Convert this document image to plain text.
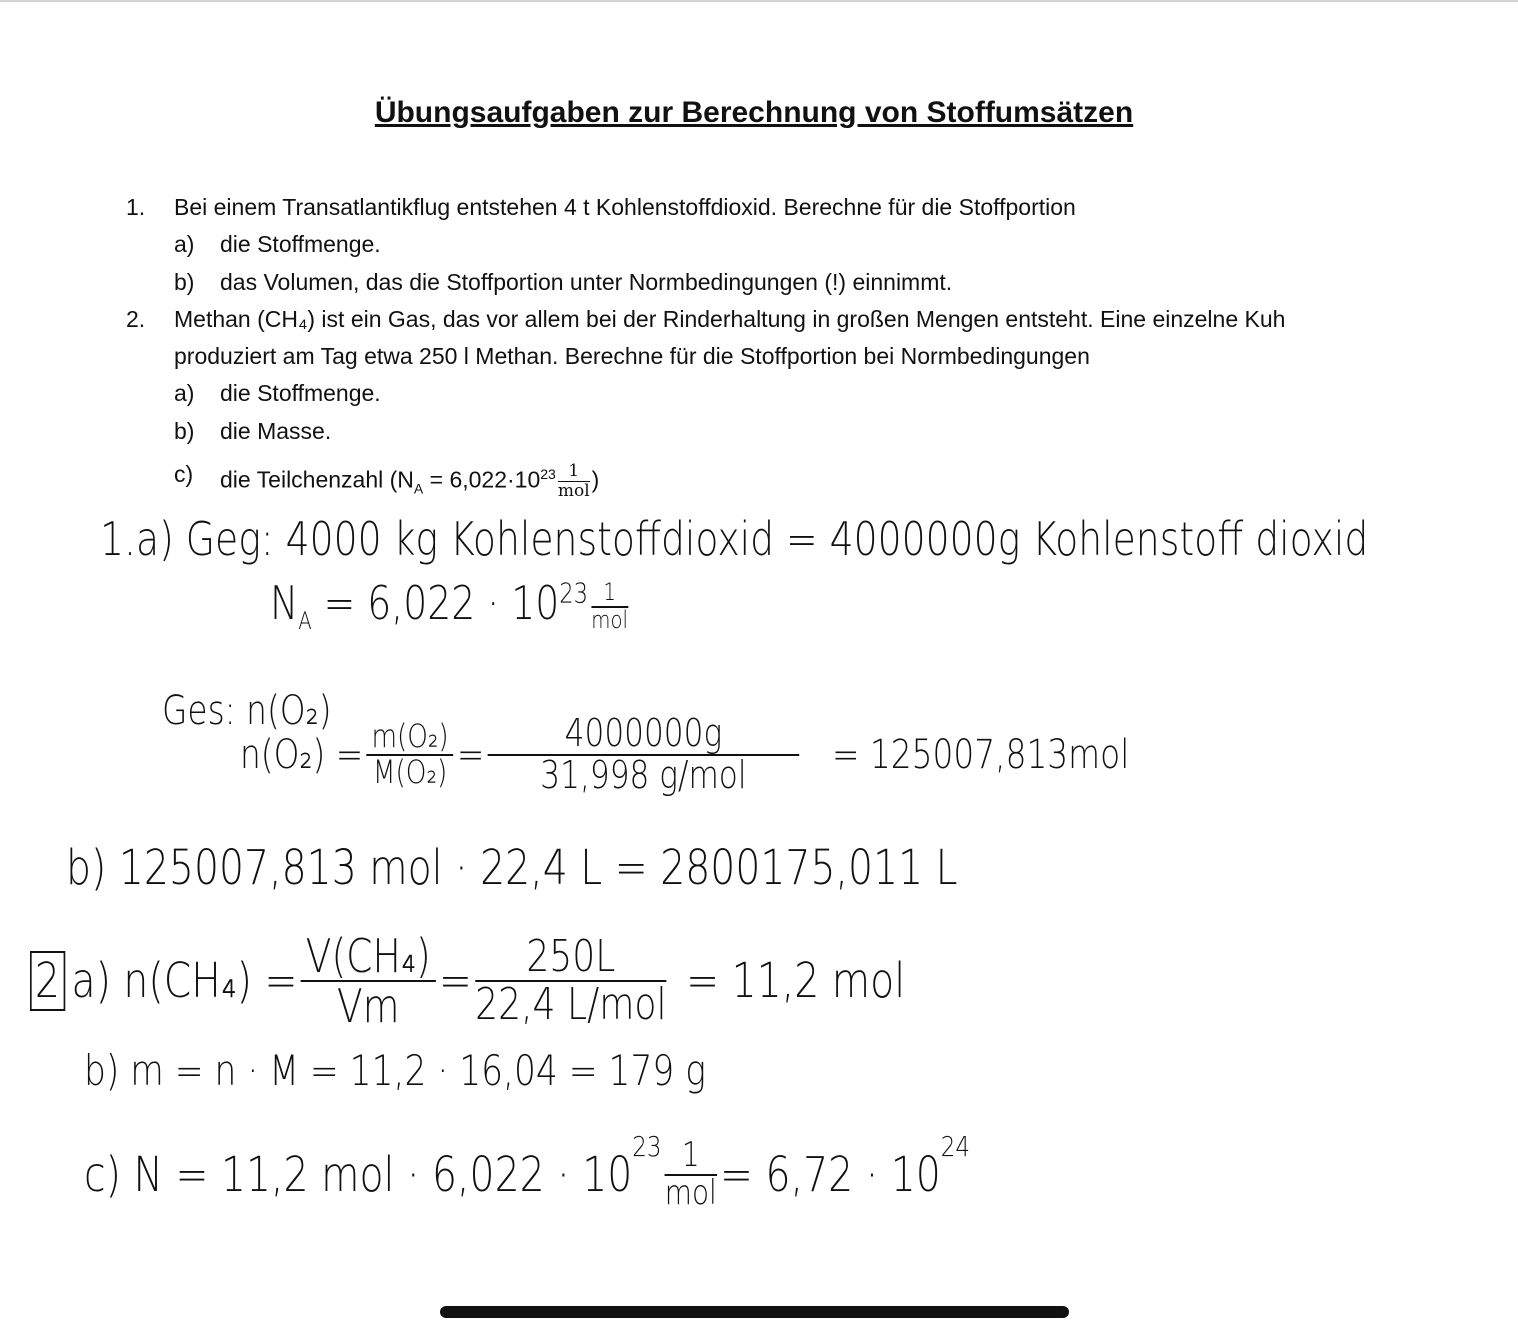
Übungsaufgaben zur Berechnung von Stoffumsätzen
1. Bei einem Transatlantikflug entstehen 4 t Kohlenstoffdioxid. Berechne für die Stoffportion
a) die Stoffmenge.
b) das Volumen, das die Stoffportion unter Normbedingungen (!) einnimmt.
2. Methan (CH₄) ist ein Gas, das vor allem bei der Rinderhaltung in großen Mengen entsteht. Eine einzelne Kuh
produziert am Tag etwa 250 l Methan. Berechne für die Stoffportion bei Normbedingungen
a) die Stoffmenge.
b) die Masse.
c) die Teilchenzahl ($N_A = 6,022\cdot 10^{23} \frac{1}{\text{mol}}$ )
1.a) Geg: 4000 kg Kohlenstoffdioxid = 4000000g Kohlenstoff dioxid
$N_A = 6,022 \cdot 10^{23}$ 1
mol
Ges: n(O₂)
$n(O_2) = \frac{\text{m(O₂)}}{\text{M(O₂)}}$ =	4000000g
31,998 g/mol	= 125007,813mol
b) 125007,813 mol · 22,4 L = 2800175,011 L
2 a) $n(CH_4) = \frac{\text{V(CH₄)}}{Vm}$ =	250L
22,4 L/mol = 11,2 mol
b) m = n · M = 11,2 · 16,04 = 179 g
c) N = 11,2 mol · 6,022 · 10
$^{23}$ 1
mol = 6,72 · 10
$^{24}$
